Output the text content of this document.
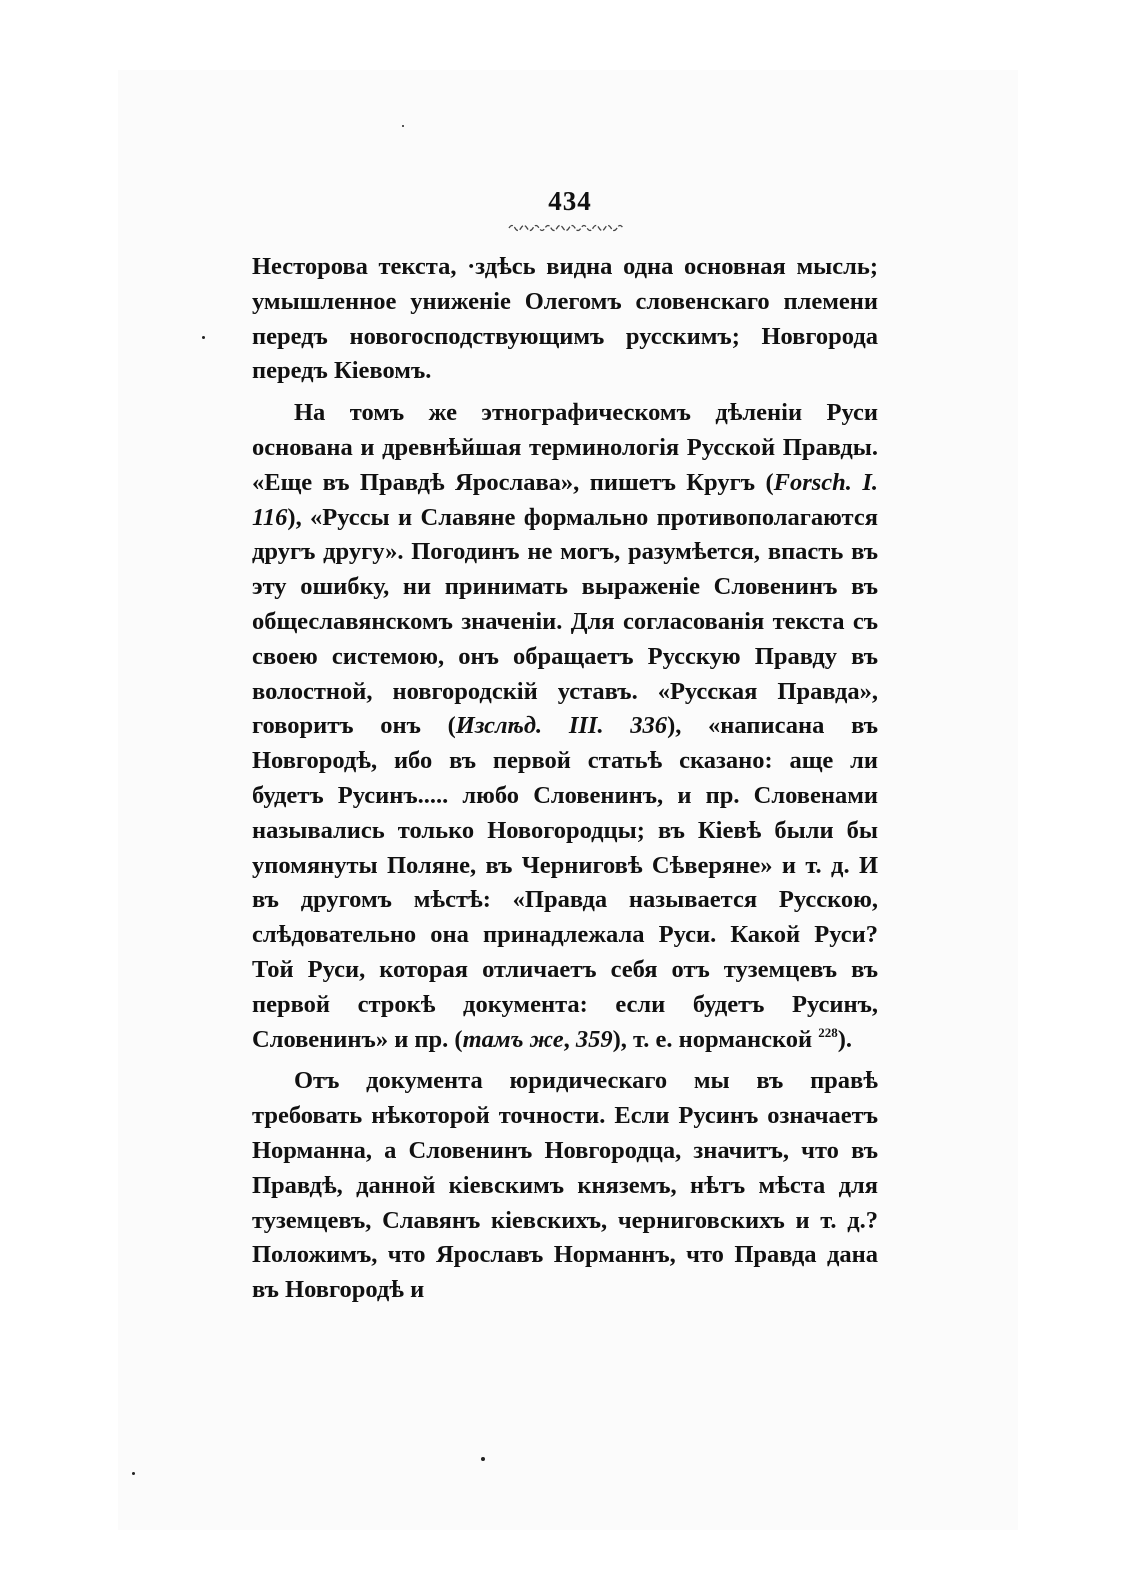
434

Несторова текста, ·здѣсь видна одна основная мысль; умышленное униженіе Олегомъ словенскаго племени передъ новогосподствующимъ русскимъ; Новгорода передъ Кіевомъ.

На томъ же этнографическомъ дѣленіи Руси основана и древнѣйшая терминологія Русской Правды. «Еще въ Правдѣ Ярослава», пишетъ Кругъ (Forsch. I. 116), «Руссы и Славяне формально противополагаются другъ другу». Погодинъ не могъ, разумѣется, впасть въ эту ошибку, ни принимать выраженіе Словенинъ въ общеславянскомъ значеніи. Для согласованія текста съ своею системою, онъ обращаетъ Русскую Правду въ волостной, новгородскій уставъ. «Русская Правда», говоритъ онъ (Изслѣд. III. 336), «написана въ Новгородѣ, ибо въ первой статьѣ сказано: аще ли будетъ Русинъ..... любо Словенинъ, и пр. Словенами назывались только Новогородцы; въ Кіевѣ были бы упомянуты Поляне, въ Черниговѣ Сѣверяне» и т. д. И въ другомъ мѣстѣ: «Правда называется Русскою, слѣдовательно она принадлежала Руси. Какой Руси? Той Руси, которая отличаетъ себя отъ туземцевъ въ первой строкѣ документа: если будетъ Русинъ, Словенинъ» и пр. (тамъ же, 359), т. е. норманской $^{228}$).

Отъ документа юридическаго мы въ правѣ требовать нѣкоторой точности. Если Русинъ означаетъ Норманна, а Словенинъ Новгородца, значитъ, что въ Правдѣ, данной кіевскимъ княземъ, нѣтъ мѣста для туземцевъ, Славянъ кіевскихъ, черниговскихъ и т. д.? Положимъ, что Ярославъ Норманнъ, что Правда дана въ Новгородѣ и
